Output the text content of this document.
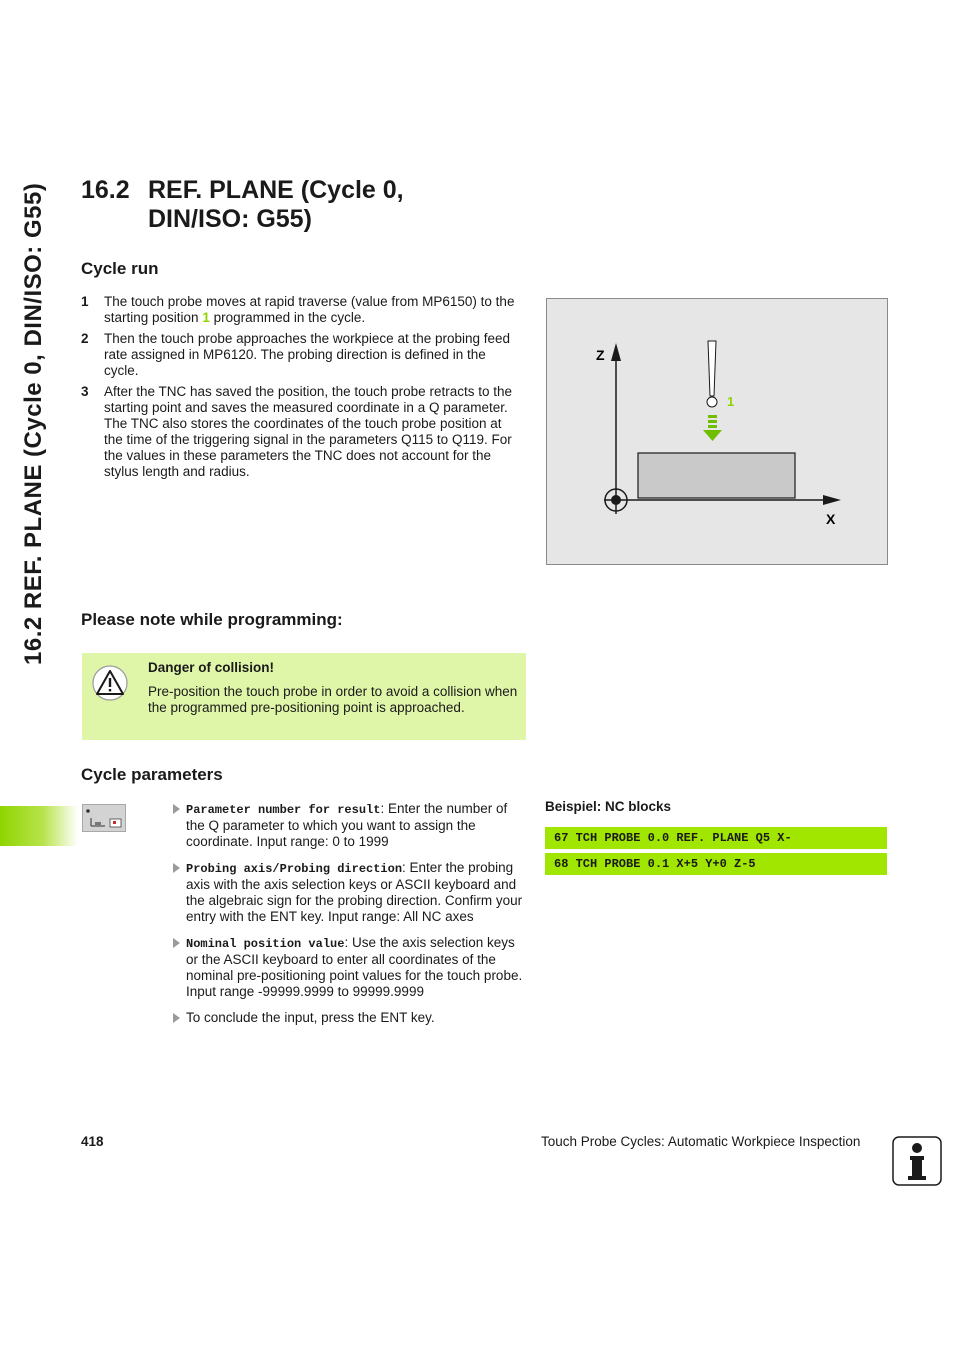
16.2 REF. PLANE (Cycle 0, DIN/ISO: G55) 16.2 REF. PLANE (Cycle 0,
DIN/ISO: G55)
Cycle run
1	The touch probe moves at rapid traverse (value from MP6150) to the starting position 1 programmed in the cycle.
2	Then the touch probe approaches the workpiece at the probing feed rate assigned in MP6120. The probing direction is defined in the cycle.
3	After the TNC has saved the position, the touch probe retracts to the starting point and saves the measured coordinate in a Q parameter. The TNC also stores the coordinates of the touch probe position at the time of the triggering signal in the parameters Q115 to Q119. For the values in these parameters the TNC does not account for the stylus length and radius.
Z
X
1
Please note while programming:
Danger of collision!
Pre-position the touch probe in order to avoid a collision when the programmed pre-positioning point is approached.
Cycle parameters
Parameter number for result: Enter the number of the Q parameter to which you want to assign the coordinate. Input range: 0 to 1999
Probing axis/Probing direction: Enter the probing axis with the axis selection keys or ASCII keyboard and the algebraic sign for the probing direction. Confirm your entry with the ENT key. Input range: All NC axes
Nominal position value: Use the axis selection keys or the ASCII keyboard to enter all coordinates of the nominal pre-positioning point values for the touch probe. Input range -99999.9999 to 99999.9999
To conclude the input, press the ENT key.
Beispiel: NC blocks
67 TCH PROBE 0.0 REF. PLANE Q5 X-
68 TCH PROBE 0.1 X+5 Y+0 Z-5
418	Touch Probe Cycles: Automatic Workpiece Inspection
